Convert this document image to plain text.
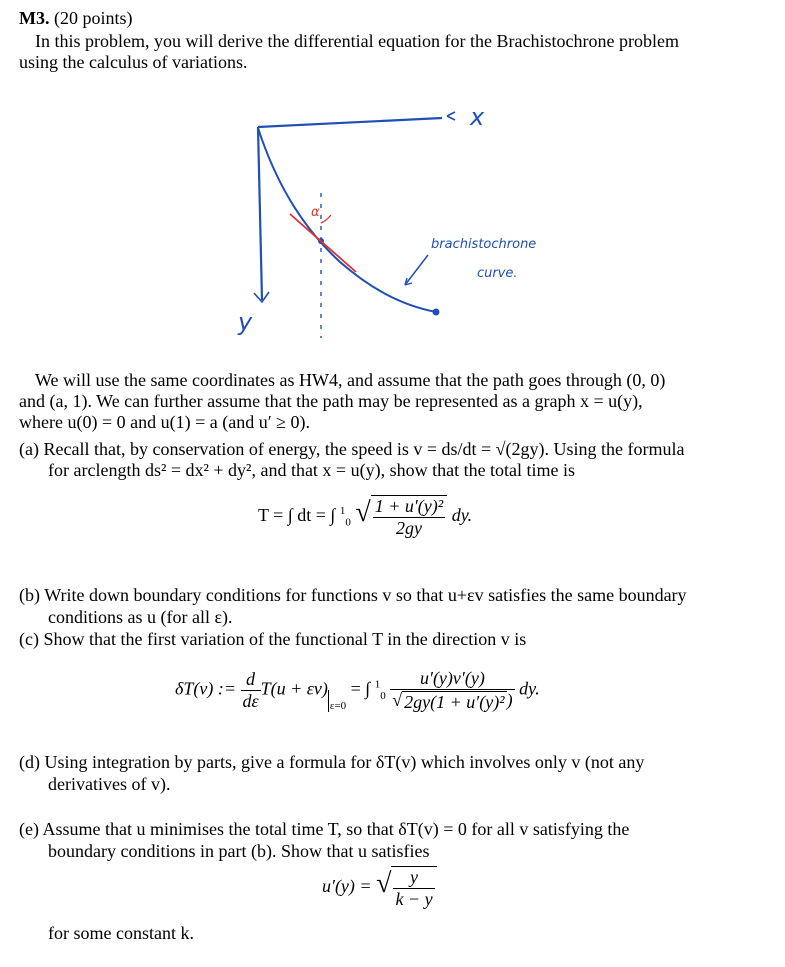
M3. (20 points)
In this problem, you will derive the differential equation for the Brachistochrone problem
using the calculus of variations.
x
y
α
brachistochrone
curve.
We will use the same coordinates as HW4, and assume that the path goes through (0, 0)
and (a, 1). We can further assume that the path may be represented as a graph x = u(y),
where u(0) = 0 and u(1) = a (and u′ ≥ 0).
(a) Recall that, by conservation of energy, the speed is v = ds/dt = √(2gy). Using the formula
for arclength ds² = dx² + dy², and that x = u(y), show that the total time is
T = ∫ dt = ∫ $^1_0$ √ $\frac{\text{1 + u′(y)²}}{2gy}$ dy.
(b) Write down boundary conditions for functions v so that u+εv satisfies the same boundary
conditions as u (for all ε).
(c) Show that the first variation of the functional T in the direction v is
δT(v) := $\frac{d}{d\varepsilon} T(u + \varepsilon v)_{\varepsilon=0}$ = ∫ $^1_0 \frac{u'(y)v'(y)}{\text{√ 2gy(1 + u′(y)² )}}$ dy.
(d) Using integration by parts, give a formula for δT(v) which involves only v (not any
derivatives of v).
(e) Assume that u minimises the total time T, so that δT(v) = 0 for all v satisfying the
boundary conditions in part (b). Show that u satisfies
u′(y) = √ $\frac{y}{k - y}$
for some constant k.
